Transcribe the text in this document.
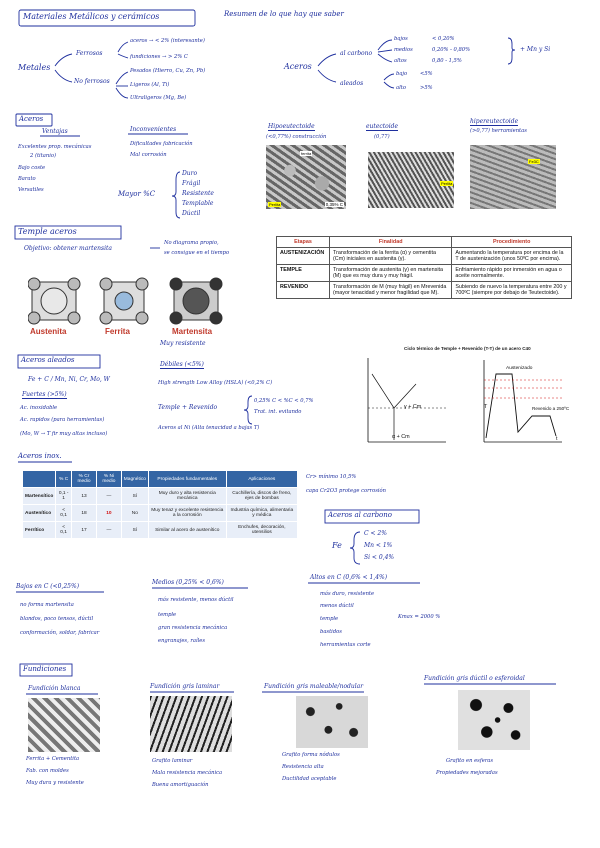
Materiales Metálicos y cerámicos	Resumen de lo que hay que saber
Metales
Ferrosos
aceros → < 2% (interesante)
fundiciones → > 2% C
No ferrosos
Pesados (Hierro, Cu, Zn, Pb)
Ligeros (Al, Ti)
Ultraligeros (Mg, Be)
Aceros
al carbono
bajos	< 0,20%
medios	0,20% - 0,80%
altos	0,80 - 1,5%
+ Mn y Si
aleados
bajo <5%
alto	>5%
Aceros
Ventajas
Excelentes prop. mecánicas
2 (titanio)
Bajo coste
Barato
Versatiles
Inconvenientes
Dificultades fabricación
Mal corrosión
Mayor %C
Duro
Frágil
Resistente
Templable
Dúctil
Hipoeutectoide
(<0,77%) construcción
eutectoide
(0,77)
hipereutectoide
(>0,77) herramientas
ferrita
Perlita	0,35% C
Fe3C
Perlita
Temple aceros
Objetivo: obtener martensita
No diagrama propio,
se consigue en el tiempo
Austenita	Ferrita	Martensita
Muy resistente
Etapas	Finalidad	Procedimiento
AUSTENIZACIÓN	Transformación de la ferrita (α) y cementita (Cm) iniciales en austenita (γ).	Aumentando la temperatura por encima de la T de austenización (unos 50ºC por encima).
TEMPLE	Transformación de austenita (γ) en martensita (M) que es muy dura y muy frágil.	Enfriamiento rápido por inmersión en agua o aceite normalmente.
REVENIDO	Transformación de M (muy frágil) en Mrevenida (mayor tenacidad y menor fragilidad que M).	Subiendo de nuevo la temperatura entre 200 y 700ºC (siempre por debajo de Teutectoide).
Aceros aleados
Fe + C / Mn, Ni, Cr, Mo, W
Fuertes (>5%)
Ac. inoxidable
Ac. rapidos (para herramientas)
(Mo, W → T fir muy altas incluso)
Débiles (<5%)
High strength Low Alloy (HSLA) (<0,2% C)
Temple + Revenido
0,25% C < %C < 0,7%
Trat. int. evitando
Aceros al Ni (Alta tenacidad a bajas T)
Ciclo térmico de Temple + Revenido (T-T) de un acero C40
γ + Cm
α + Cm
T
Austenizado
Revenido a 250ºC
t
Aceros inox.
	% C	% Cr medio	% Ni medio	Magnético	Propiedades fundamentales	Aplicaciones
Martensítico	0,1 - 1	13	—	Sí	Muy duro y alta resistencia mecánica	Cuchillería, discos de freno, ejes de bombas
Austenítico	< 0,1	18	10	No	Muy tenaz y excelente resistencia a la corrosión	Industria química, alimentaria y médica
Ferrítico	< 0,1	17	—	Sí	Similar al acero de austenítico	Enchufes, decoración, utensilios
Cr> mínimo 10,5%
capa Cr2O3 protege corrosión
Aceros al carbono
Fe
C < 2%
Mn < 1%
Si < 0,4%
Bajos en C (<0,25%)
no forma martensita
blandos, poco tensos, dúctil
conformación, soldar, fabricar
Medios (0,25% < 0,6%)
más resistente, menos dúctil
temple
gran resistencia mecánica
engranajes, raíles
Altos en C (0,6% < 1,4%)
más duro, resistente
menos dúctil
temple
bastidos
herramientas corte
Kmax = 2000 %
Fundiciones
Fundición blanca
Ferrita + Cementita
Fab. con moldes
Muy dura y resistente
Fundición gris laminar
Grafito laminar
Mala resistencia mecánica
Buena amortiguación
Fundición gris maleable/nodular
Grafito forma nódulos
Resistencia alta
Ductilidad aceptable
Fundición gris dúctil o esferoidal
Grafito en esferas
Propiedades mejoradas
